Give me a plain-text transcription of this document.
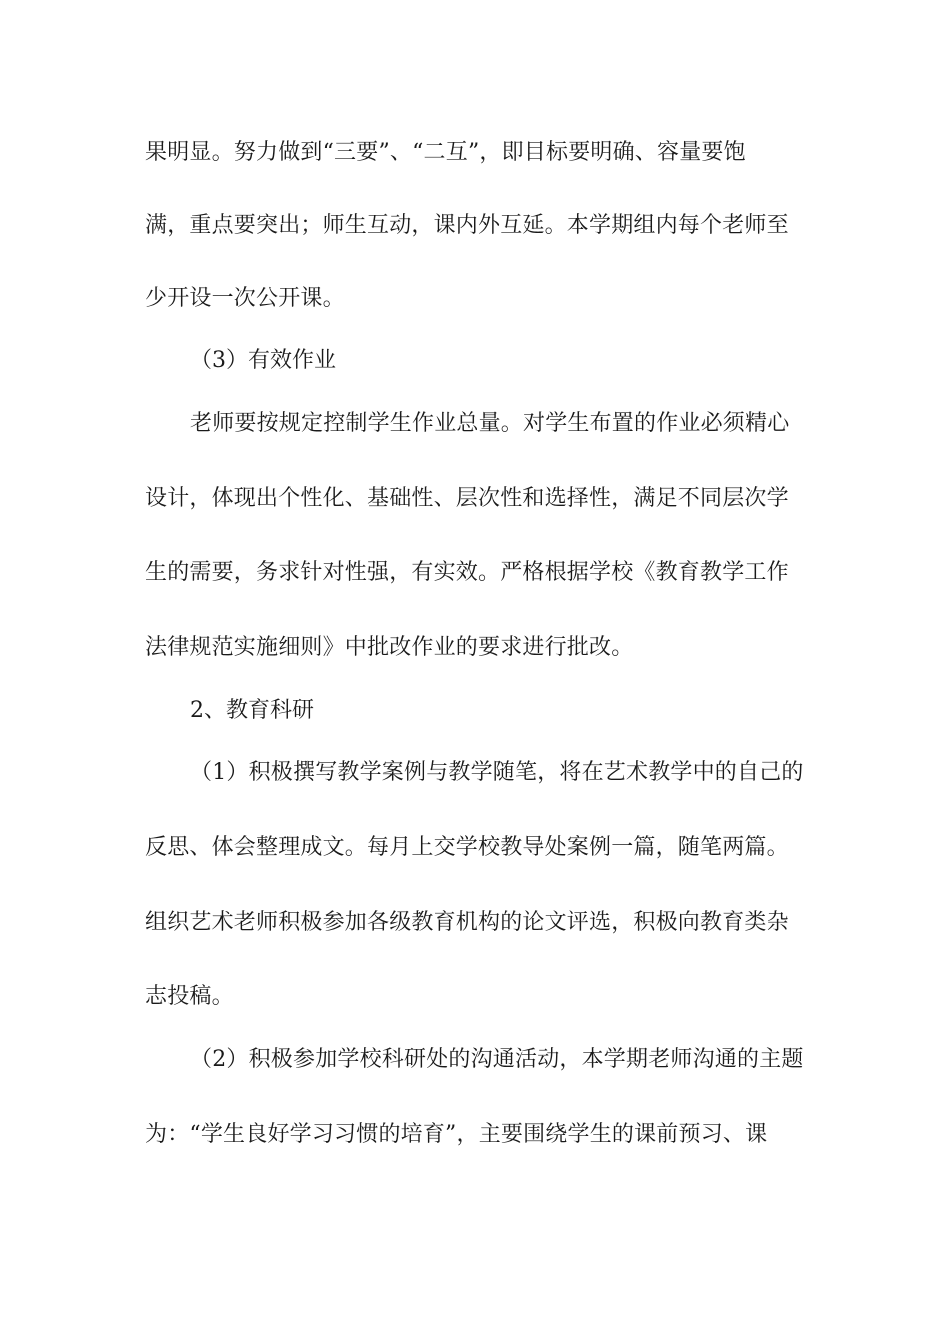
果明显。努力做到“三要”、“二互”，即目标要明确、容量要饱
满，重点要突出；师生互动，课内外互延。本学期组内每个老师至
少开设一次公开课。
（3）有效作业
老师要按规定控制学生作业总量。对学生布置的作业必须精心
设计，体现出个性化、基础性、层次性和选择性，满足不同层次学
生的需要，务求针对性强，有实效。严格根据学校《教育教学工作
法律规范实施细则》中批改作业的要求进行批改。
2、教育科研
（1）积极撰写教学案例与教学随笔，将在艺术教学中的自己的
反思、体会整理成文。每月上交学校教导处案例一篇，随笔两篇。
组织艺术老师积极参加各级教育机构的论文评选，积极向教育类杂
志投稿。
（2）积极参加学校科研处的沟通活动，本学期老师沟通的主题
为：“学生良好学习习惯的培育”，主要围绕学生的课前预习、课
